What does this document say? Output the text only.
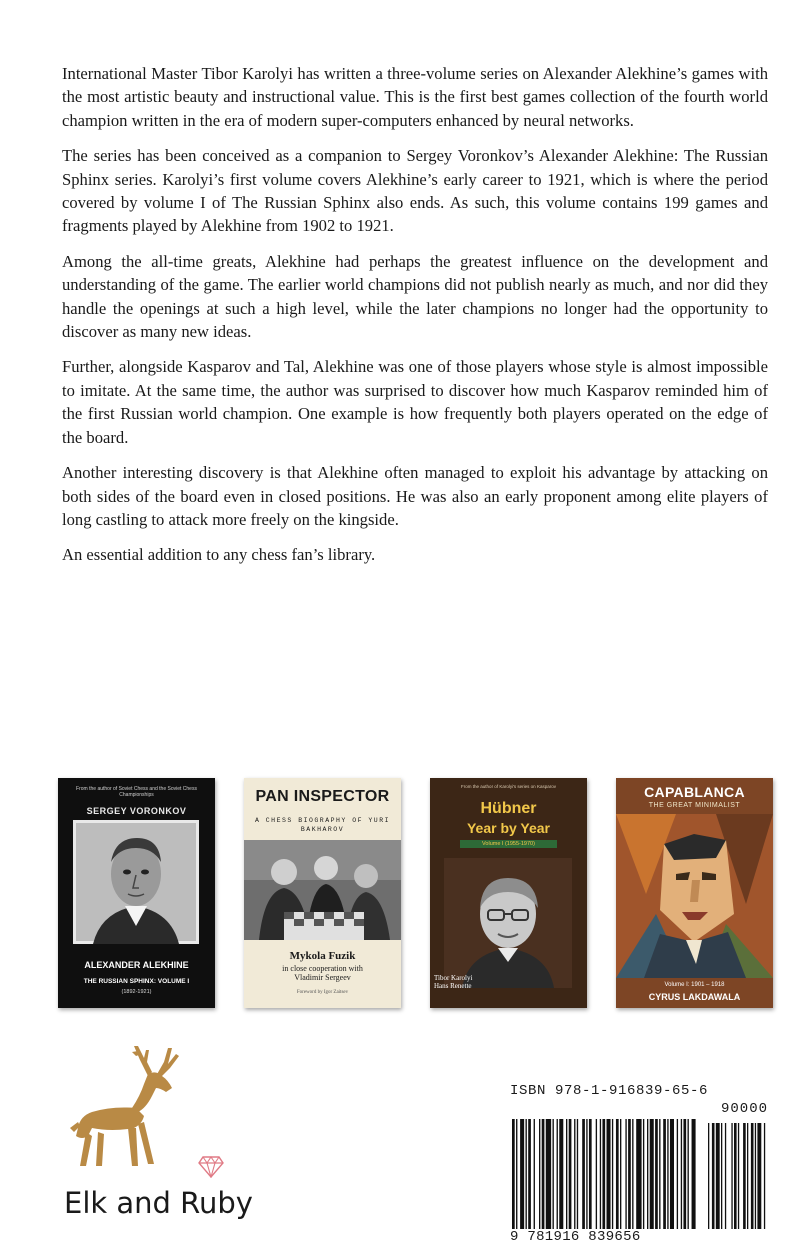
International Master Tibor Karolyi has written a three-volume series on Alexander Alekhine’s games with the most artistic beauty and instructional value. This is the first best games collection of the fourth world champion written in the era of modern super-computers enhanced by neural networks.

The series has been conceived as a companion to Sergey Voronkov’s Alexander Alekhine: The Russian Sphinx series. Karolyi’s first volume covers Alekhine’s early career to 1921, which is where the period covered by volume I of The Russian Sphinx also ends. As such, this volume contains 199 games and fragments played by Alekhine from 1902 to 1921.

Among the all-time greats, Alekhine had perhaps the greatest influence on the development and understanding of the game. The earlier world champions did not publish nearly as much, and nor did they handle the openings at such a high level, while the later champions no longer had the opportunity to discover as many new ideas.

Further, alongside Kasparov and Tal, Alekhine was one of those players whose style is almost impossible to imitate. At the same time, the author was surprised to discover how much Kasparov reminded him of the first Russian world champion. One example is how frequently both players operated on the edge of the board.

Another interesting discovery is that Alekhine often managed to exploit his advantage by attacking on both sides of the board even in closed positions. He was also an early proponent among elite players of long castling to attack more freely on the kingside.

An essential addition to any chess fan’s library.

From the author of Soviet Chess and the Soviet Chess Championships
SERGEY VORONKOV
ALEXANDER ALEKHINE
THE RUSSIAN SPHINX: VOLUME I
(1892-1921)
PAN INSPECTOR
A CHESS BIOGRAPHY OF YURI BAKHAROV
Mykola Fuzik
in close cooperation with
Vladimir Sergeev
Foreword by Igor Zaitsev
From the author of Karolyi's series on Kasparov
Hübner
Year by Year
Volume I (1955-1970)
Tibor Karolyi
Hans Renette
CAPABLANCA
THE GREAT MINIMALIST
Volume I: 1901 – 1918
CYRUS LAKDAWALA
Elk and Ruby
ISBN 978-1-916839-65-6
90000
9 781916 839656
